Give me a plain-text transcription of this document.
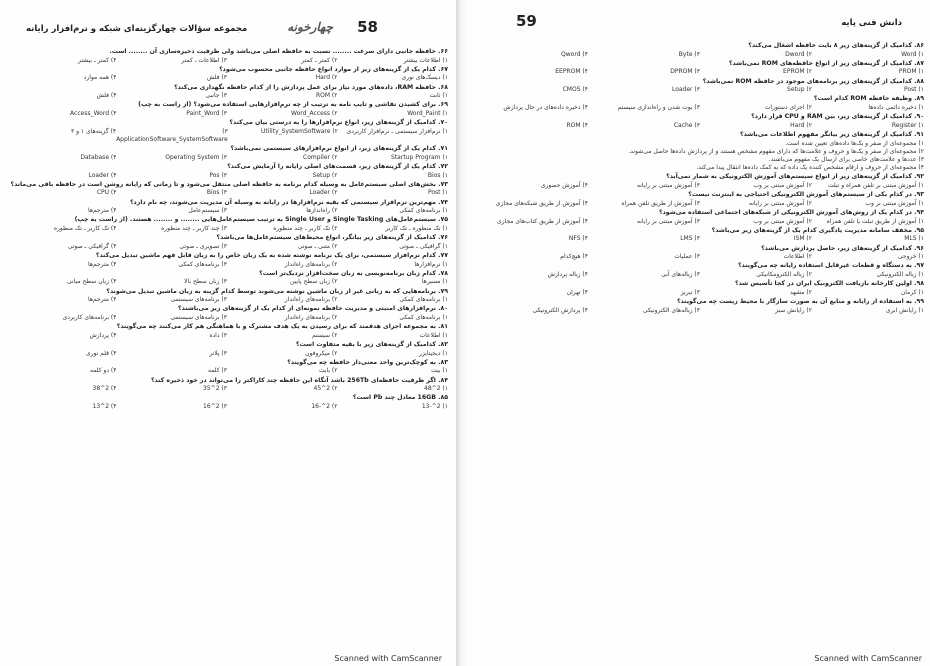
58
چهارخونه
مجموعه سؤالات چهارگزینه‌ای شبکه و نرم‌افزار رایانه

۶۶. حافظه جانبی دارای سرعت ........ نسبت به حافظه اصلی می‌باشد ولی ظرفیت ذخیره‌سازی آن ........ است.

۱) اطلاعات بیشتر
۲) کمتر ـ کمتر
۳) اطلاعات ـ کمتر
۴) کمتر ـ بیشتر

۶۷. کدام یک از گزینه‌های زیر از موارد انواع حافظه جانبی محسوب می‌شود؟

۱) دیسک‌های نوری
۲) Hard
۳) فلش
۴) همه موارد

۶۸. حافظه RAM، داده‌های مورد نیاز برای عمل پردازش را از کدام حافظه نگهداری می‌کند؟

۱) ثابت
۲) ROM
۳) جانبی
۴) فلش

۶۹. برای کشیدن نقاشی و تایپ نامه به ترتیب از چه نرم‌افزارهایی استفاده می‌شود؟ (از راست به چپ)

۱) Word_Paint
۲) Word_Access
۳) Paint_Word
۴) Access_Word

۷۰. کدامیک از گزینه‌های زیر، انواع نرم‌افزارها را به درستی بیان می‌کند؟

۱) نرم‌افزار سیستمی ـ نرم‌افزار کاربردی
۲) Utility_SystemSoftware
۳) ApplicationSoftware_SystemSoftware
۴) گزینه‌های ۱ و ۳

۷۱. کدام یک از گزینه‌های زیر، از انواع نرم‌افزارهای سیستمی نمی‌باشد؟

۱) Startup Program
۲) Compiler
۳) Operating System
۴) Database

۷۲. کدام یک از گزینه‌های زیر، قسمت‌های اصلی رایانه را آزمایش می‌کند؟

۱) Bios
۲) Setup
۳) Pos
۴) Loader

۷۳. بخش‌های اصلی سیستم‌عامل به وسیله کدام برنامه به حافظه اصلی منتقل می‌شود و تا زمانی که رایانه روشن است در حافظه باقی می‌ماند؟

۱) Post
۲) Loader
۳) Bios
۴) CPU

۷۴. مهم‌ترین نرم‌افزار سیستمی که بقیه نرم‌افزارها در رایانه به وسیله آن مدیریت می‌شوند، چه نام دارد؟

۱) برنامه‌های کمکی
۲) راه‌اندازها
۳) سیستم‌عامل
۴) مترجم‌ها

۷۵. سیستم‌عامل‌های Single Tasking و Single User به ترتیب سیستم‌عامل‌هایی ........ و ........ هستند. (از راست به چپ)

۱) تک منظوره ـ تک کاربر
۲) تک کاربر ـ چند منظوره
۳) چند کاربر ـ چند منظوره
۴) تک کاربر ـ تک منظوره

۷۶. کدامیک از گزینه‌های زیر بیانگر، انواع محیط‌های سیستم‌عامل‌ها می‌باشد؟

۱) گرافیکی ـ صوتی
۲) متنی ـ صوتی
۳) تصویری ـ صوتی
۴) گرافیکی ـ صوتی

۷۷. کدام نرم‌افزار سیستمی، برای یک برنامه نوشته شده به یک زبان خاص را به زبان قابل فهم ماشین تبدیل می‌کند؟

۱) نرم‌افزارها
۲) برنامه‌های راه‌انداز
۳) برنامه‌های کمکی
۴) مترجم‌ها

۷۸. کدام زبان برنامه‌نویسی به زبان سخت‌افزار نزدیک‌تر است؟

۱) مسیرها
۲) زبان سطح پایین
۳) زبان سطح بالا
۴) زبان سطح میانی

۷۹. برنامه‌هایی که به زبانی غیر از زبان ماشین نوشته می‌شوند توسط کدام گزینه به زبان ماشین تبدیل می‌شوند؟

۱) برنامه‌های کمکی
۲) برنامه‌های راه‌انداز
۳) برنامه‌های سیستمی
۴) مترجم‌ها

۸۰. نرم‌افزارهای امنیتی و مدیریت حافظه نمونه‌ای از کدام یک از گزینه‌های زیر می‌باشند؟

۱) برنامه‌های کمکی
۲) برنامه‌های راه‌انداز
۳) برنامه‌های سیستمی
۴) برنامه‌های کاربردی

۸۱. به مجموعه اجزای هدفمند که برای رسیدن به یک هدف مشترک و با هماهنگی هم کار می‌کنند چه می‌گویند؟

۱) اطلاعات
۲) سیستم
۳) داده
۴) پردازش

۸۲. کدامیک از گزینه‌های زیر با بقیه متفاوت است؟

۱) دیجیتایزر
۲) میکروفون
۳) پلاتر
۴) قلم نوری

۸۳. به کوچک‌ترین واحد معنی‌دار حافظه چه می‌گویند؟

۱) بیت
۲) بایت
۳) کلمه
۴) دو کلمه

۸۴. اگر ظرفیت حافظه‌ای 256Tb باشد آنگاه این حافظه چند کاراکتر را می‌تواند در خود ذخیره کند؟

۱) 2^48
۲) 2^45
۳) 2^35
۴) 2^38

۸۵. 16GB معادل چند Pb است؟

۱) 2^-13
۲) 2^-16
۳) 2^16
۴) 2^13
Scanned with CamScanner
59	دانش فنی پایه

۸۶. کدامیک از گزینه‌های زیر ۸ بایت حافظه اشغال می‌کند؟

۱) Word
۲) Dword
۳) Byte
۴) Qword

۸۷. کدامیک از گزینه‌های زیر از انواع حافظه‌های ROM نمی‌باشد؟

۱) PROM
۲) EPROM
۳) DPROM
۴) EEPROM

۸۸. کدامیک از گزینه‌های زیر برنامه‌های موجود در حافظه ROM نمی‌باشد؟

۱) Post
۲) Setup
۳) Loader
۴) CMOS

۸۹. وظیفه حافظه ROM کدام است؟

۱) ذخیره دائمی داده‌ها
۲) اجرای دستورات
۳) بوت شدن و راه‌اندازی سیستم
۴) ذخیره داده‌های در حال پردازش

۹۰. کدامیک از گزینه‌های زیر، بین RAM و CPU قرار دارد؟

۱) Register
۲) Hard
۳) Cache
۴) ROM

۹۱. کدامیک از گزینه‌های زیر بیانگر مفهوم اطلاعات می‌باشد؟

۱) مجموعه‌ای از صفر و یک‌ها داده‌های تعیین شده است.
۲) مجموعه‌ای از صفر و یک‌ها و حروف و علامت‌ها که دارای مفهوم مشخص هستند و از پردازش داده‌ها حاصل می‌شوند.
۳) عددها و علامت‌های خاصی برای ارسال یک مفهوم می‌باشند.
۴) مجموعه‌ای از حروف و ارقام مشخص کننده یک داده که به کمک داده‌ها انتقال پیدا می‌کند.

۹۲. کدامیک از گزینه‌های زیر از انواع سیستم‌های آموزش الکترونیکی به شمار نمی‌آید؟

۱) آموزش مبتنی بر تلفن همراه و تبلت
۲) آموزش مبتنی بر وب
۳) آموزش مبتنی بر رایانه
۴) آموزش حضوری

۹۳. در کدام یکی از سیستم‌های آموزش الکترونیکی احتیاجی به اینترنت نیست؟

۱) آموزش مبتنی بر وب
۲) آموزش مبتنی بر رایانه
۳) آموزش از طریق تلفن همراه
۴) آموزش از طریق شبکه‌های مجازی

۹۴. در کدام یک از روش‌های آموزش الکترونیکی از شبکه‌های اجتماعی استفاده می‌شود؟

۱) آموزش از طریق تبلت یا تلفن همراه
۲) آموزش مبتنی بر وب
۳) آموزش مبتنی بر رایانه
۴) آموزش از طریق کتاب‌های مجازی

۹۵. مخفف سامانه مدیریت یادگیری کدام یک از گزینه‌های زیر می‌باشد؟

۱) MLS
۲) ISM
۳) LMS
۴) NFS

۹۶. کدامیک از گزینه‌های زیر، حاصل پردازش می‌باشد؟

۱) خروجی
۲) اطلاعات
۳) عملیات
۴) هیچ‌کدام

۹۷. به دستگاه و قطعات غیرقابل استفاده رایانه چه می‌گویند؟

۱) زباله الکترونیکی
۲) زباله الکترومکانیکی
۳) زباله‌های آبی
۴) زباله پردازش

۹۸. اولین کارخانه بازیافت الکترونیک ایران در کجا تأسیس شد؟

۱) کرمان
۲) مشهد
۳) تبریز
۴) تهران

۹۹. به استفاده از رایانه و منابع آن به صورت سازگار با محیط زیست چه می‌گویند؟

۱) رایانش ابری
۲) رایانش سبز
۳) زباله‌های الکترونیکی
۴) پردازش الکترونیکی
Scanned with CamScanner
